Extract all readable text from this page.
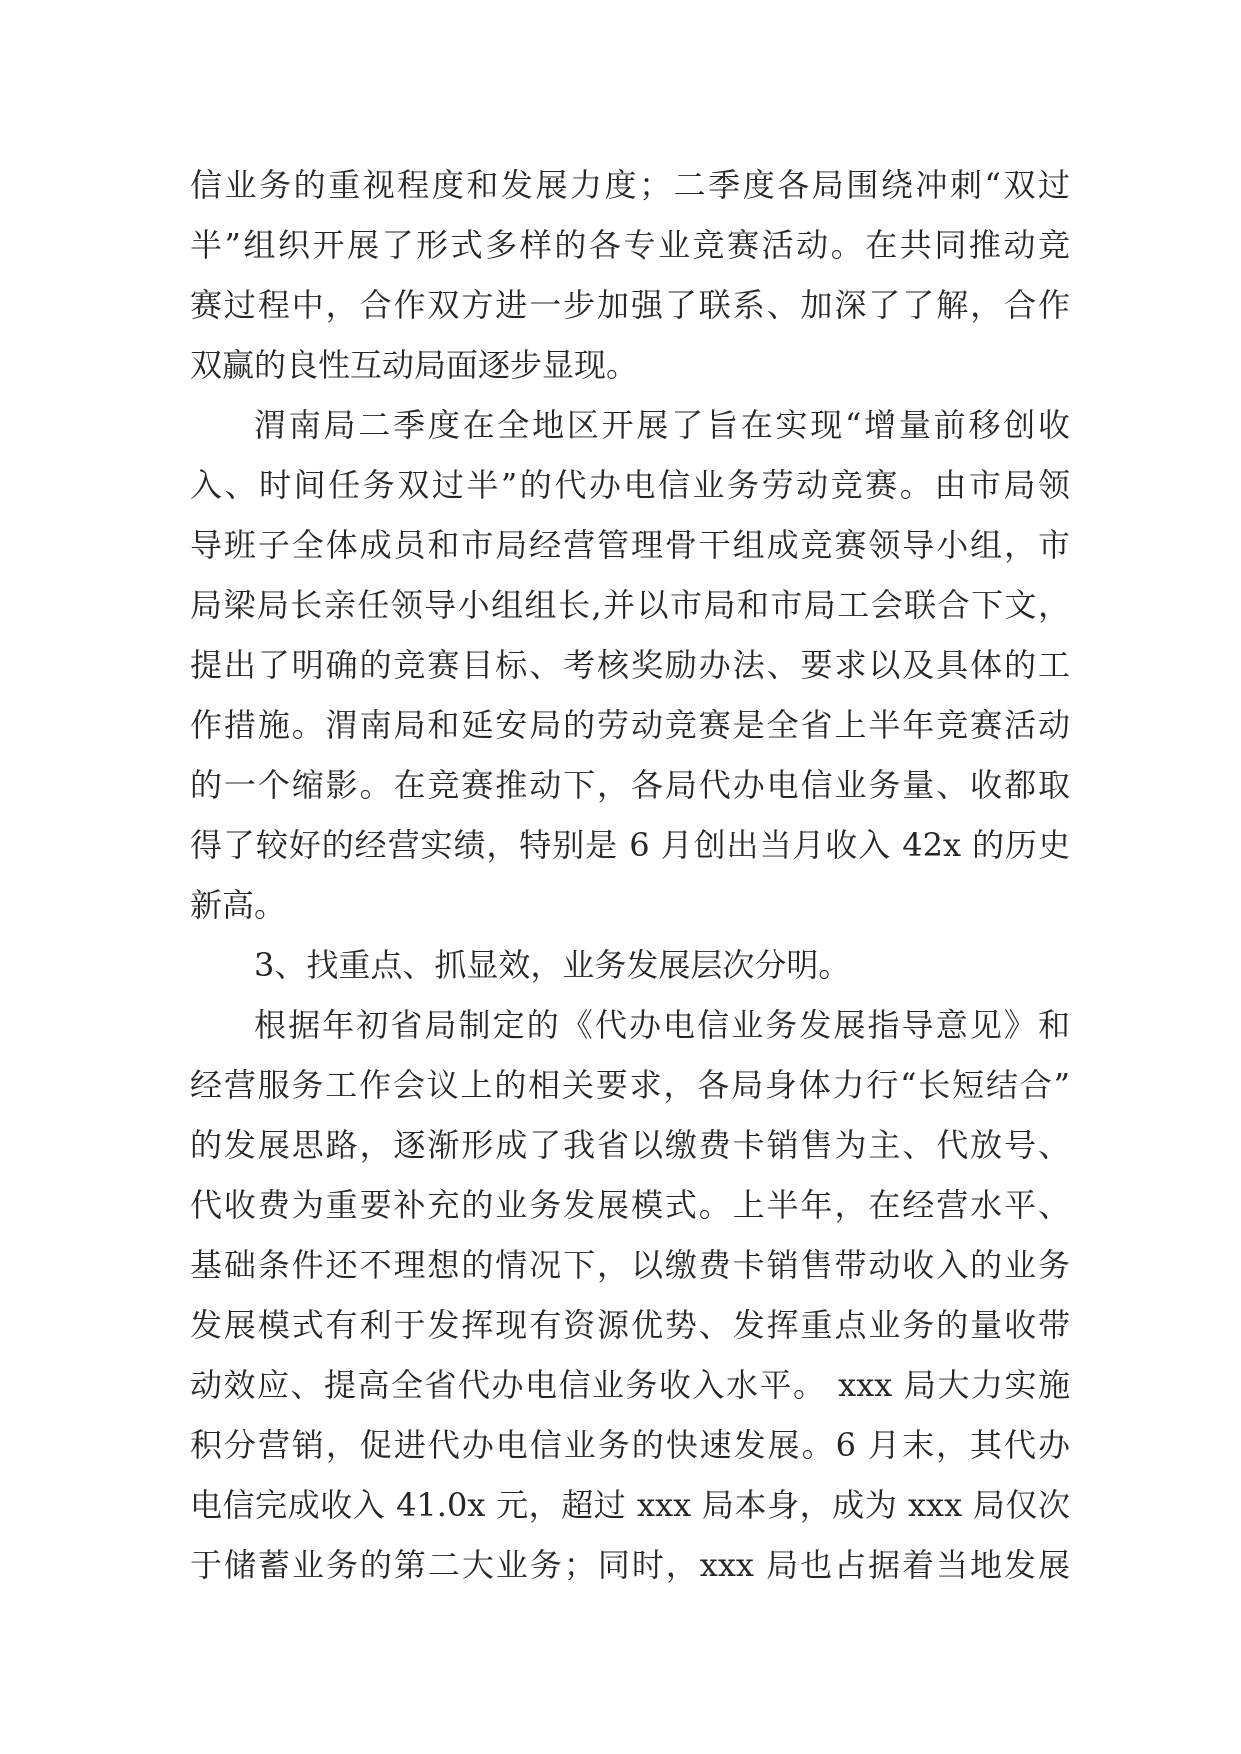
信业务的重视程度和发展力度；二季度各局围绕冲刺“双过
半”组织开展了形式多样的各专业竞赛活动。在共同推动竞
赛过程中，合作双方进一步加强了联系、加深了了解，合作
双赢的良性互动局面逐步显现。
渭南局二季度在全地区开展了旨在实现“增量前移创收
入、时间任务双过半”的代办电信业务劳动竞赛。由市局领
导班子全体成员和市局经营管理骨干组成竞赛领导小组，市
局梁局长亲任领导小组组长,并以市局和市局工会联合下文，
提出了明确的竞赛目标、考核奖励办法、要求以及具体的工
作措施。渭南局和延安局的劳动竞赛是全省上半年竞赛活动
的一个缩影。在竞赛推动下，各局代办电信业务量、收都取
得了较好的经营实绩，特别是 6 月创出当月收入 42x 的历史
新高。
3、找重点、抓显效，业务发展层次分明。
根据年初省局制定的《代办电信业务发展指导意见》和
经营服务工作会议上的相关要求，各局身体力行“长短结合”
的发展思路，逐渐形成了我省以缴费卡销售为主、代放号、
代收费为重要补充的业务发展模式。上半年，在经营水平、
基础条件还不理想的情况下，以缴费卡销售带动收入的业务
发展模式有利于发挥现有资源优势、发挥重点业务的量收带
动效应、提高全省代办电信业务收入水平。 xxx 局大力实施
积分营销，促进代办电信业务的快速发展。6 月末，其代办
电信完成收入 41.0x 元，超过 xxx 局本身，成为 xxx 局仅次
于储蓄业务的第二大业务；同时，xxx 局也占据着当地发展
